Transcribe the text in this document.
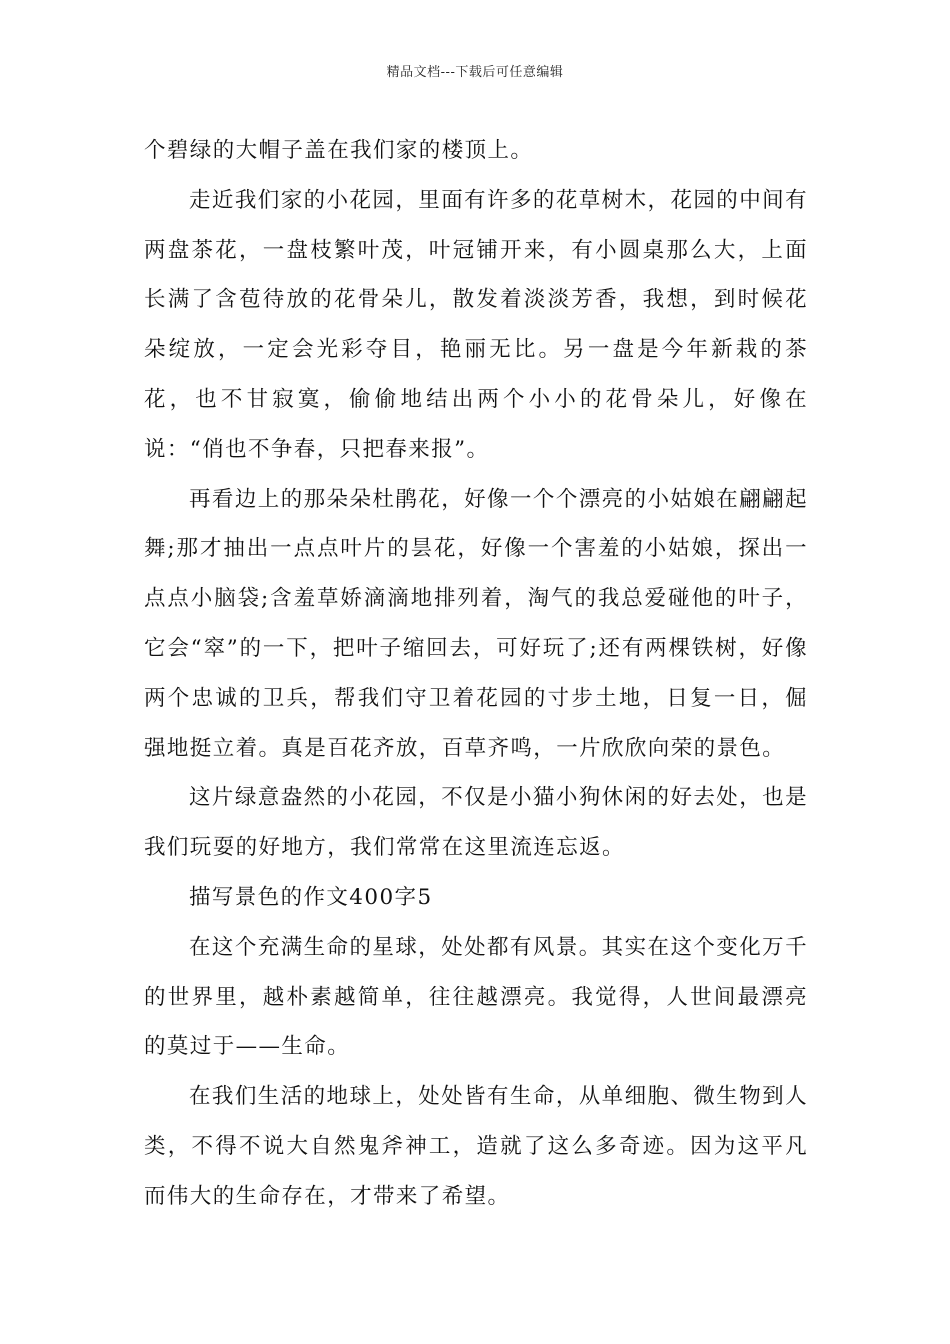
精品文档---下载后可任意编辑

个碧绿的大帽子盖在我们家的楼顶上。

走近我们家的小花园，里面有许多的花草树木，花园的中间有两盘茶花，一盘枝繁叶茂，叶冠铺开来，有小圆桌那么大，上面长满了含苞待放的花骨朵儿，散发着淡淡芳香，我想，到时候花朵绽放，一定会光彩夺目，艳丽无比。另一盘是今年新栽的茶花，也不甘寂寞，偷偷地结出两个小小的花骨朵儿，好像在说：“俏也不争春，只把春来报”。

再看边上的那朵朵杜鹃花，好像一个个漂亮的小姑娘在翩翩起舞;那才抽出一点点叶片的昙花，好像一个害羞的小姑娘，探出一点点小脑袋;含羞草娇滴滴地排列着，淘气的我总爱碰他的叶子，它会“窣”的一下，把叶子缩回去，可好玩了;还有两棵铁树，好像两个忠诚的卫兵，帮我们守卫着花园的寸步土地，日复一日，倔强地挺立着。真是百花齐放，百草齐鸣，一片欣欣向荣的景色。

这片绿意盎然的小花园，不仅是小猫小狗休闲的好去处，也是我们玩耍的好地方，我们常常在这里流连忘返。

描写景色的作文400字5

在这个充满生命的星球，处处都有风景。其实在这个变化万千的世界里，越朴素越简单，往往越漂亮。我觉得，人世间最漂亮的莫过于——生命。

在我们生活的地球上，处处皆有生命，从单细胞、微生物到人类，不得不说大自然鬼斧神工，造就了这么多奇迹。因为这平凡而伟大的生命存在，才带来了希望。
